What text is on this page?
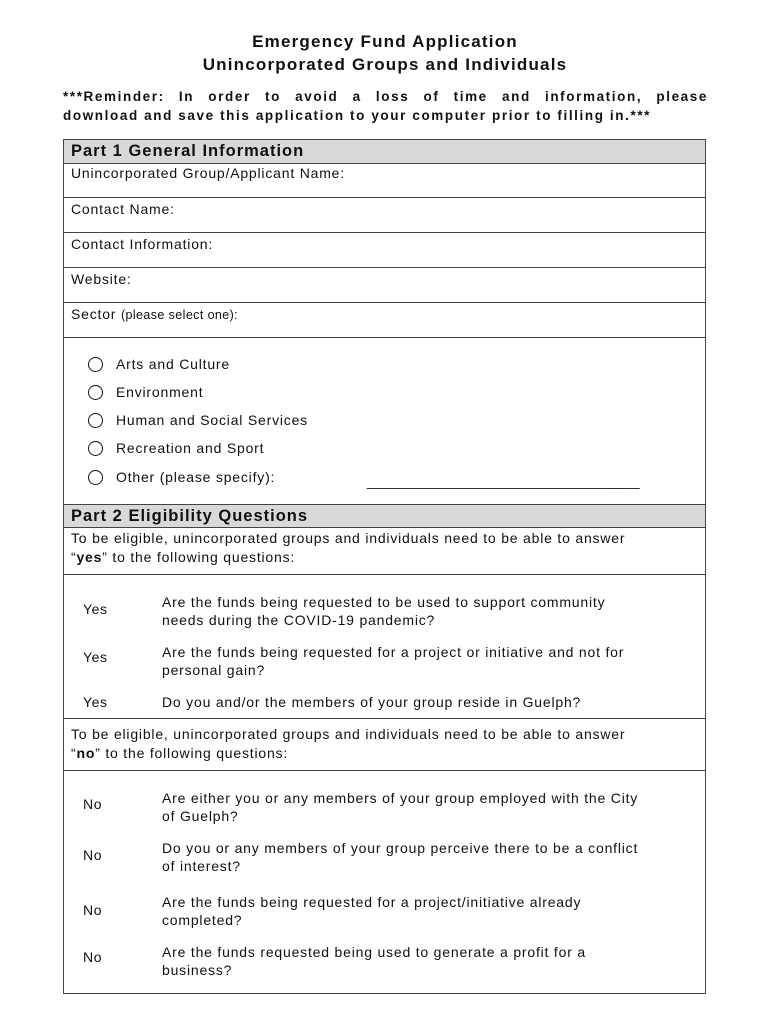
Emergency Fund Application
Unincorporated Groups and Individuals
***Reminder: In order to avoid a loss of time and information, please
download and save this application to your computer prior to filling in.***
Part 1 General Information
Unincorporated Group/Applicant Name:
Contact Name:
Contact Information:
Website:
Sector (please select one):
Arts and Culture
Environment
Human and Social Services
Recreation and Sport
Other (please specify):	___________________________________
Part 2 Eligibility Questions
To be eligible, unincorporated groups and individuals need to be able to answer
“yes” to the following questions:
Yes	Are the funds being requested to be used to support community
needs during the COVID-19 pandemic?
Yes	Are the funds being requested for a project or initiative and not for
personal gain?
Yes	Do you and/or the members of your group reside in Guelph?
To be eligible, unincorporated groups and individuals need to be able to answer
“no” to the following questions:
No	Are either you or any members of your group employed with the City
of Guelph?
No	Do you or any members of your group perceive there to be a conflict
of interest?
No	Are the funds being requested for a project/initiative already
completed?
No	Are the funds requested being used to generate a profit for a
business?
